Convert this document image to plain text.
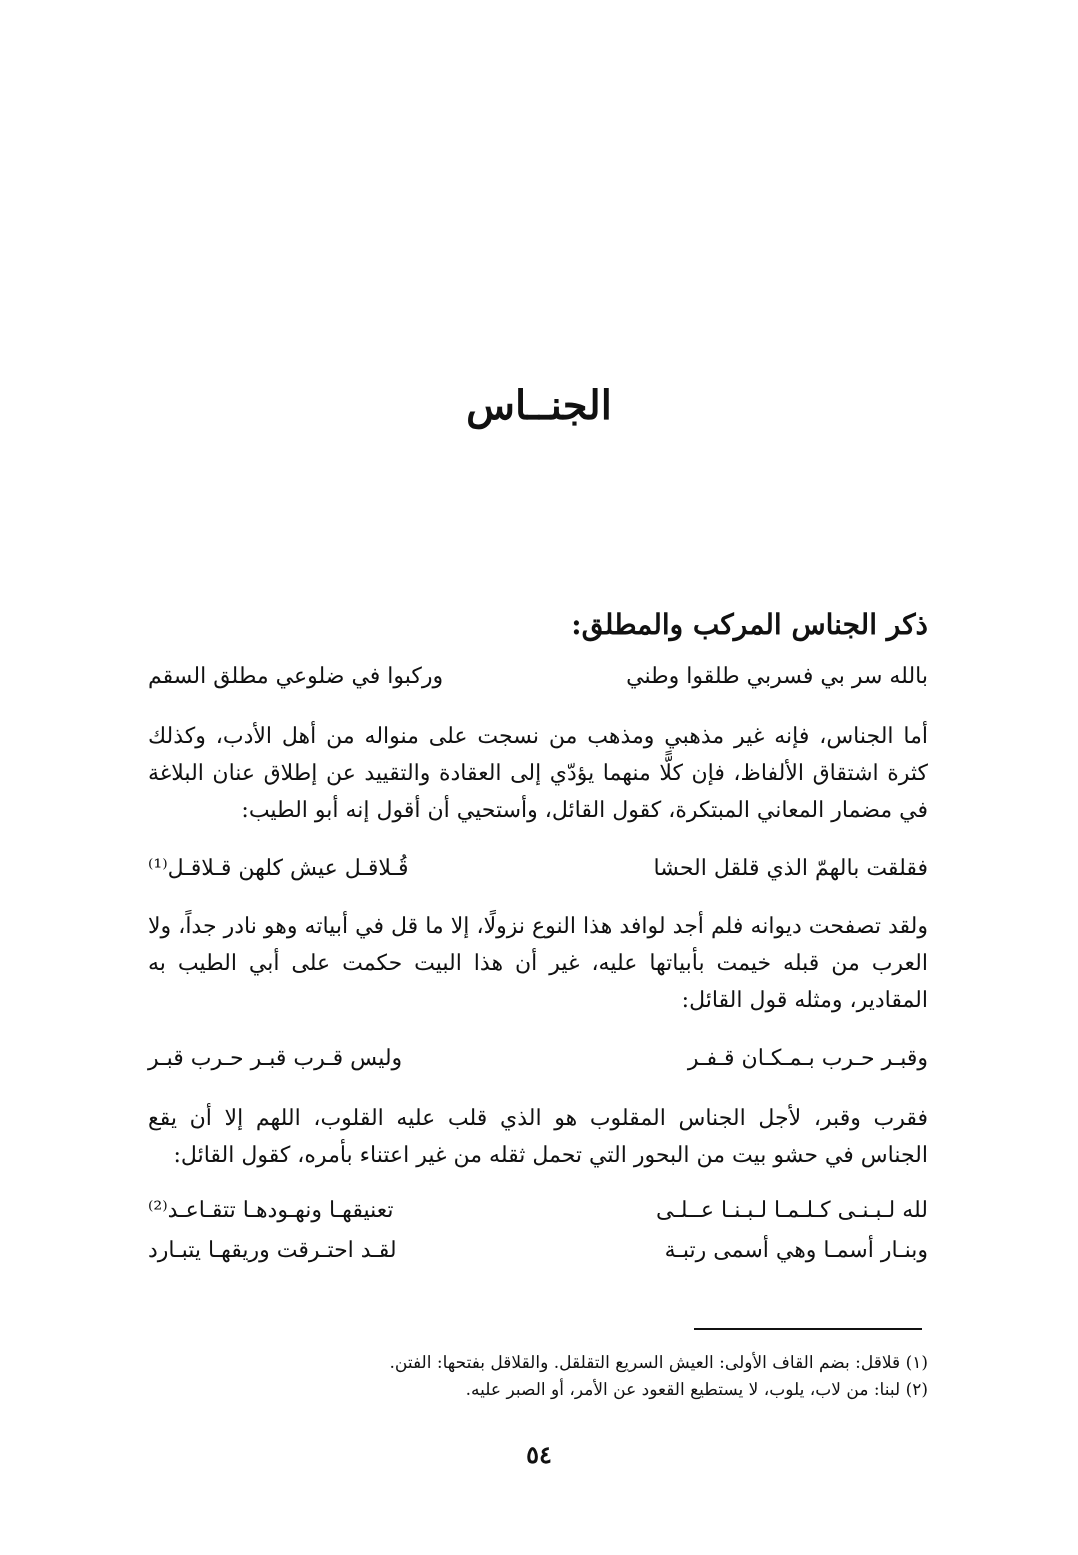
الجنــاس
ذكر الجناس المركب والمطلق:
بالله سر بي فسربي طلقوا وطني
وركبوا في ضلوعي مطلق السقم

أما الجناس، فإنه غير مذهبي ومذهب من نسجت على منواله من أهل الأدب، وكذلك كثرة اشتقاق الألفاظ، فإن كلًّا منهما يؤدّي إلى العقادة والتقييد عن إطلاق عنان البلاغة في مضمار المعاني المبتكرة، كقول القائل، وأستحيي أن أقول إنه أبو الطيب:

فقلقت بالهمّ الذي قلقل الحشا
قُـلاقـل عيش كلهن قـلاقـل⁽¹⁾

ولقد تصفحت ديوانه فلم أجد لوافد هذا النوع نزولًا، إلا ما قل في أبياته وهو نادر جداً، ولا العرب من قبله خيمت بأبياتها عليه، غير أن هذا البيت حكمت على أبي الطيب به المقادير، ومثله قول القائل:

وقبـر حـرب بـمـكـان قـفـر
وليس قـرب قبـر حـرب قبـر

فقرب وقبر، لأجل الجناس المقلوب هو الذي قلب عليه القلوب، اللهم إلا أن يقع الجناس في حشو بيت من البحور التي تحمل ثقله من غير اعتناء بأمره، كقول القائل:

لله لـبـنـى كـلـمـا لـبـنـا عــلـى
تعنيقهـا ونهـودهـا تتقـاعـد⁽²⁾
وبنـار أسمـا وهي أسمى رتبـة
لقـد احتـرقت وريقهـا يتبـارد
(١) قلاقل: بضم القاف الأولى: العيش السريع التقلقل. والقلاقل بفتحها: الفتن.
(٢) لبنا: من لاب، يلوب، لا يستطيع القعود عن الأمر، أو الصبر عليه.
٥٤
